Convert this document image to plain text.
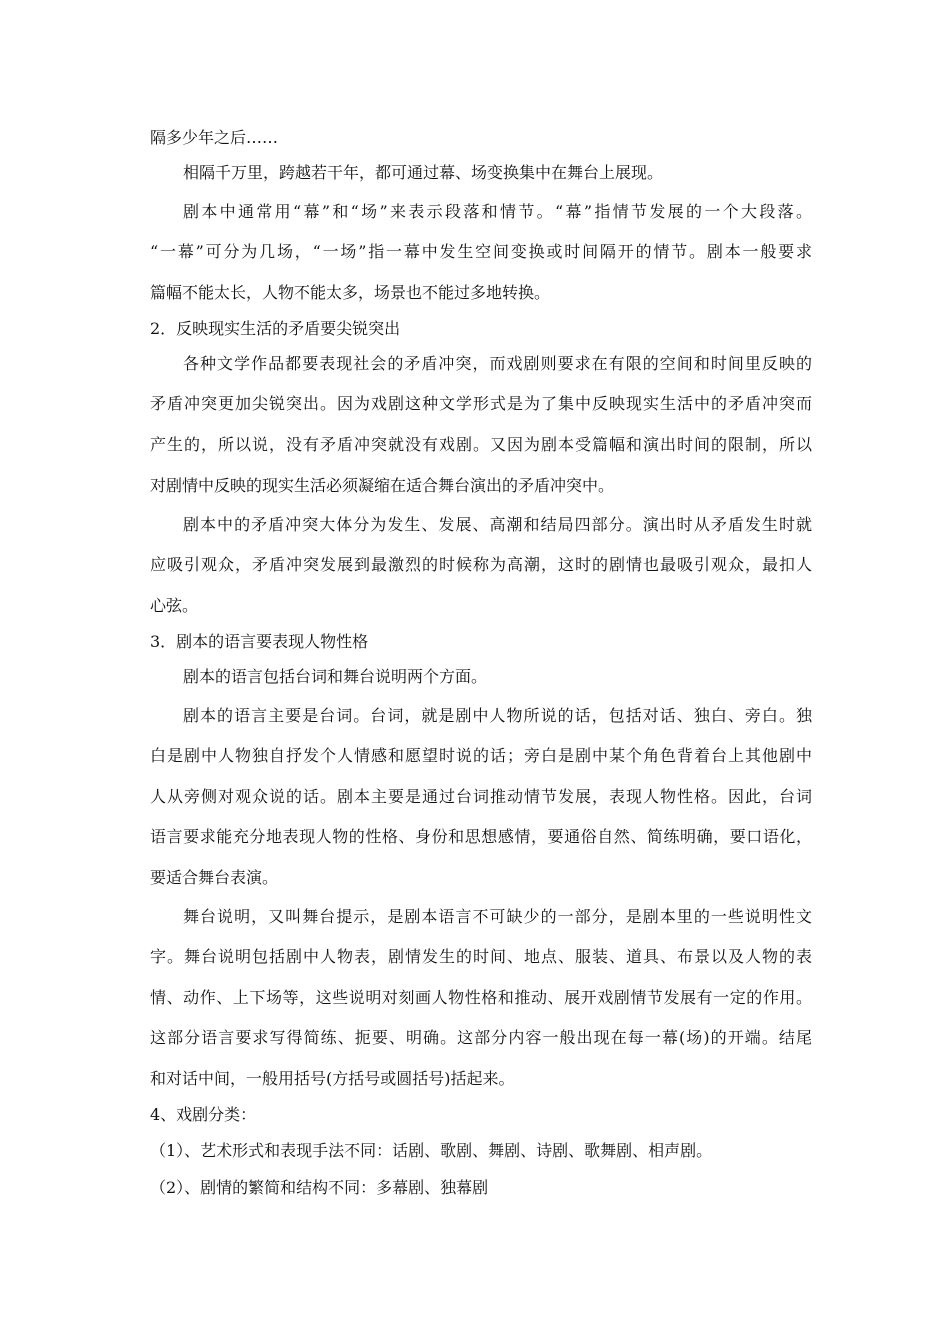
隔多少年之后……
相隔千万里，跨越若干年，都可通过幕、场变换集中在舞台上展现。
剧本中通常用“幕”和“场”来表示段落和情节。“幕”指情节发展的一个大段落。
“一幕”可分为几场，“一场”指一幕中发生空间变换或时间隔开的情节。剧本一般要求
篇幅不能太长，人物不能太多，场景也不能过多地转换。
2．反映现实生活的矛盾要尖锐突出
各种文学作品都要表现社会的矛盾冲突，而戏剧则要求在有限的空间和时间里反映的
矛盾冲突更加尖锐突出。因为戏剧这种文学形式是为了集中反映现实生活中的矛盾冲突而
产生的，所以说，没有矛盾冲突就没有戏剧。又因为剧本受篇幅和演出时间的限制，所以
对剧情中反映的现实生活必须凝缩在适合舞台演出的矛盾冲突中。
剧本中的矛盾冲突大体分为发生、发展、高潮和结局四部分。演出时从矛盾发生时就
应吸引观众，矛盾冲突发展到最激烈的时候称为高潮，这时的剧情也最吸引观众，最扣人
心弦。
3．剧本的语言要表现人物性格
剧本的语言包括台词和舞台说明两个方面。
剧本的语言主要是台词。台词，就是剧中人物所说的话，包括对话、独白、旁白。独
白是剧中人物独自抒发个人情感和愿望时说的话；旁白是剧中某个角色背着台上其他剧中
人从旁侧对观众说的话。剧本主要是通过台词推动情节发展，表现人物性格。因此，台词
语言要求能充分地表现人物的性格、身份和思想感情，要通俗自然、简练明确，要口语化，
要适合舞台表演。
舞台说明，又叫舞台提示，是剧本语言不可缺少的一部分，是剧本里的一些说明性文
字。舞台说明包括剧中人物表，剧情发生的时间、地点、服装、道具、布景以及人物的表
情、动作、上下场等，这些说明对刻画人物性格和推动、展开戏剧情节发展有一定的作用。
这部分语言要求写得简练、扼要、明确。这部分内容一般出现在每一幕(场)的开端。结尾
和对话中间，一般用括号(方括号或圆括号)括起来。
4、戏剧分类：
（1）、艺术形式和表现手法不同：话剧、歌剧、舞剧、诗剧、歌舞剧、相声剧。
（2）、剧情的繁简和结构不同：多幕剧、独幕剧
